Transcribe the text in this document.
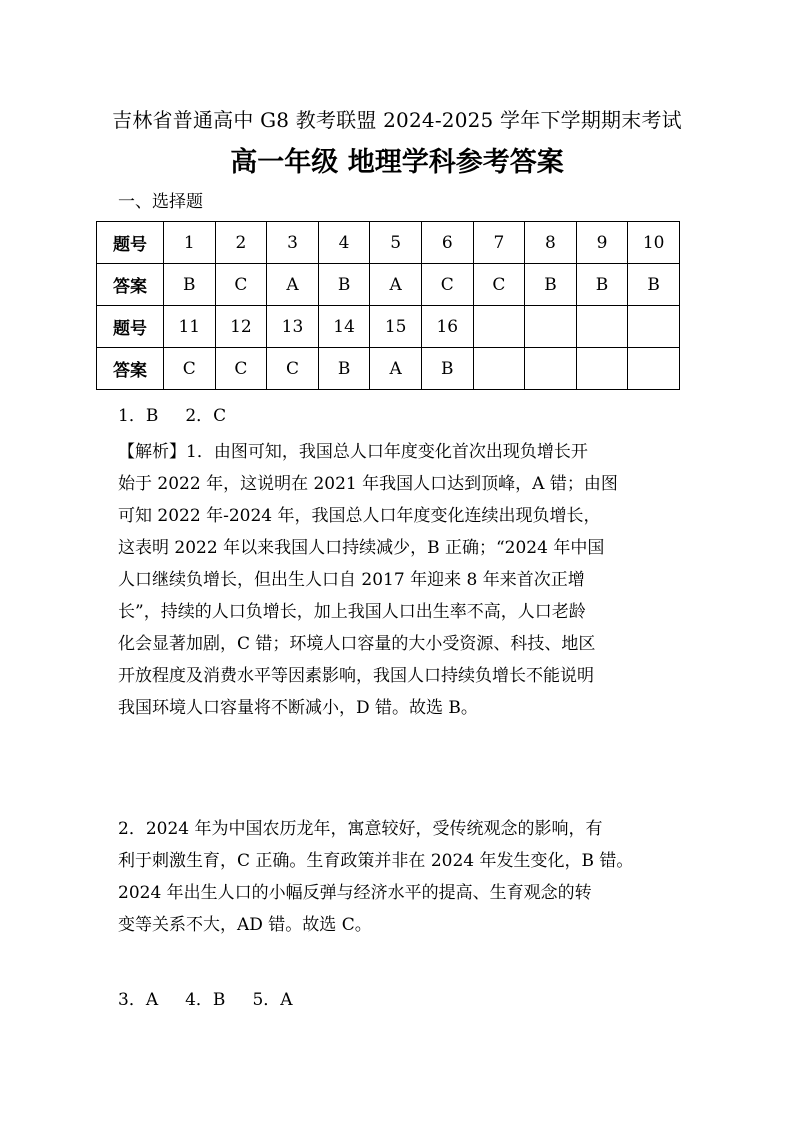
吉林省普通高中 G8 教考联盟 2024-2025 学年下学期期末考试
高一年级 地理学科参考答案
一、选择题
题号	1	2	3	4	5	6	7	8	9	10
答案	B	C	A	B	A	C	C	B	B	B
题号	11	12	13	14	15	16				
答案	C	C	C	B	A	B				
1．B     2．C
【解析】1．由图可知，我国总人口年度变化首次出现负增长开
始于 2022 年，这说明在 2021 年我国人口达到顶峰，A 错；由图
可知 2022 年-2024 年，我国总人口年度变化连续出现负增长，
这表明 2022 年以来我国人口持续减少，B 正确；“2024 年中国
人口继续负增长，但出生人口自 2017 年迎来 8 年来首次正增
长”，持续的人口负增长，加上我国人口出生率不高，人口老龄
化会显著加剧，C 错；环境人口容量的大小受资源、科技、地区
开放程度及消费水平等因素影响，我国人口持续负增长不能说明
我国环境人口容量将不断减小，D 错。故选 B。
2．2024 年为中国农历龙年，寓意较好，受传统观念的影响，有
利于刺激生育，C 正确。生育政策并非在 2024 年发生变化，B 错。
2024 年出生人口的小幅反弹与经济水平的提高、生育观念的转
变等关系不大，AD 错。故选 C。
3．A     4．B     5．A
